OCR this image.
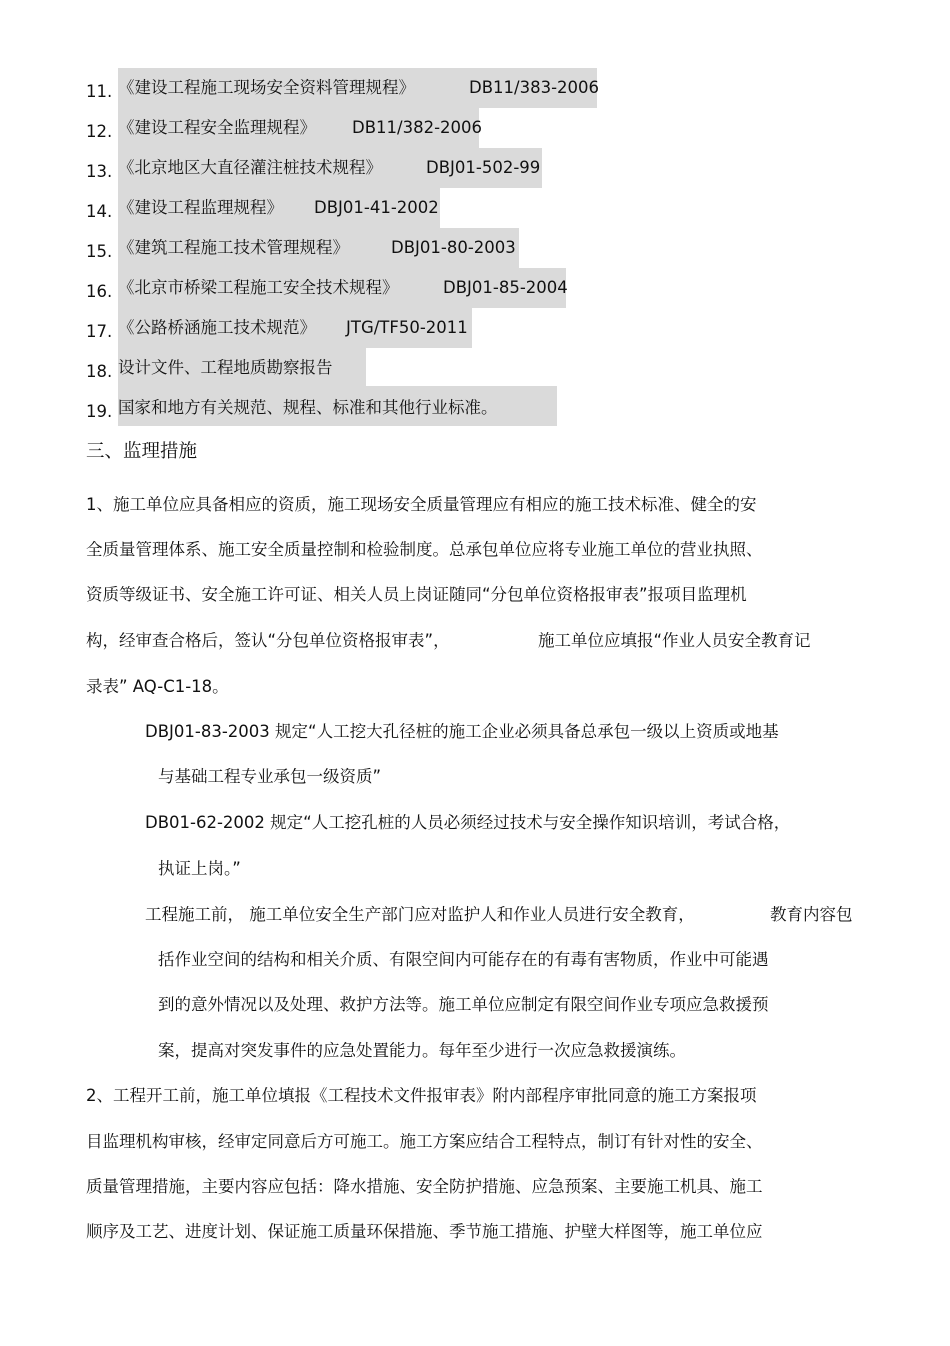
11. 《建设工程施工现场安全资料管理规程》	DB11/383-2006
12. 《建设工程安全监理规程》 DB11/382-2006
13. 《北京地区大直径灌注桩技术规程》	DBJ01-502-99
14. 《建设工程监理规程》 DBJ01-41-2002
15. 《建筑工程施工技术管理规程》	DBJ01-80-2003
16. 《北京市桥梁工程施工安全技术规程》	DBJ01-85-2004
17. 《公路桥涵施工技术规范》 JTG/TF50-2011
18. 设计文件、工程地质勘察报告
19. 国家和地方有关规范、规程、标准和其他行业标准。
三、监理措施
1、施工单位应具备相应的资质，施工现场安全质量管理应有相应的施工技术标准、健全的安
全质量管理体系、施工安全质量控制和检验制度。总承包单位应将专业施工单位的营业执照、
资质等级证书、安全施工许可证、相关人员上岗证随同“分包单位资格报审表”报项目监理机
构，经审查合格后，签认“分包单位资格报审表”，	施工单位应填报“作业人员安全教育记
录表” AQ-C1-18。
DBJ01-83-2003 规定“人工挖大孔径桩的施工企业必须具备总承包一级以上资质或地基
与基础工程专业承包一级资质”
DB01-62-2002 规定“人工挖孔桩的人员必须经过技术与安全操作知识培训，考试合格，
执证上岗。”
工程施工前， 施工单位安全生产部门应对监护人和作业人员进行安全教育，	教育内容包
括作业空间的结构和相关介质、有限空间内可能存在的有毒有害物质，作业中可能遇
到的意外情况以及处理、救护方法等。施工单位应制定有限空间作业专项应急救援预
案，提高对突发事件的应急处置能力。每年至少进行一次应急救援演练。
2、工程开工前，施工单位填报《工程技术文件报审表》附内部程序审批同意的施工方案报项
目监理机构审核，经审定同意后方可施工。施工方案应结合工程特点，制订有针对性的安全、
质量管理措施，主要内容应包括：降水措施、安全防护措施、应急预案、主要施工机具、施工
顺序及工艺、进度计划、保证施工质量环保措施、季节施工措施、护壁大样图等，施工单位应
